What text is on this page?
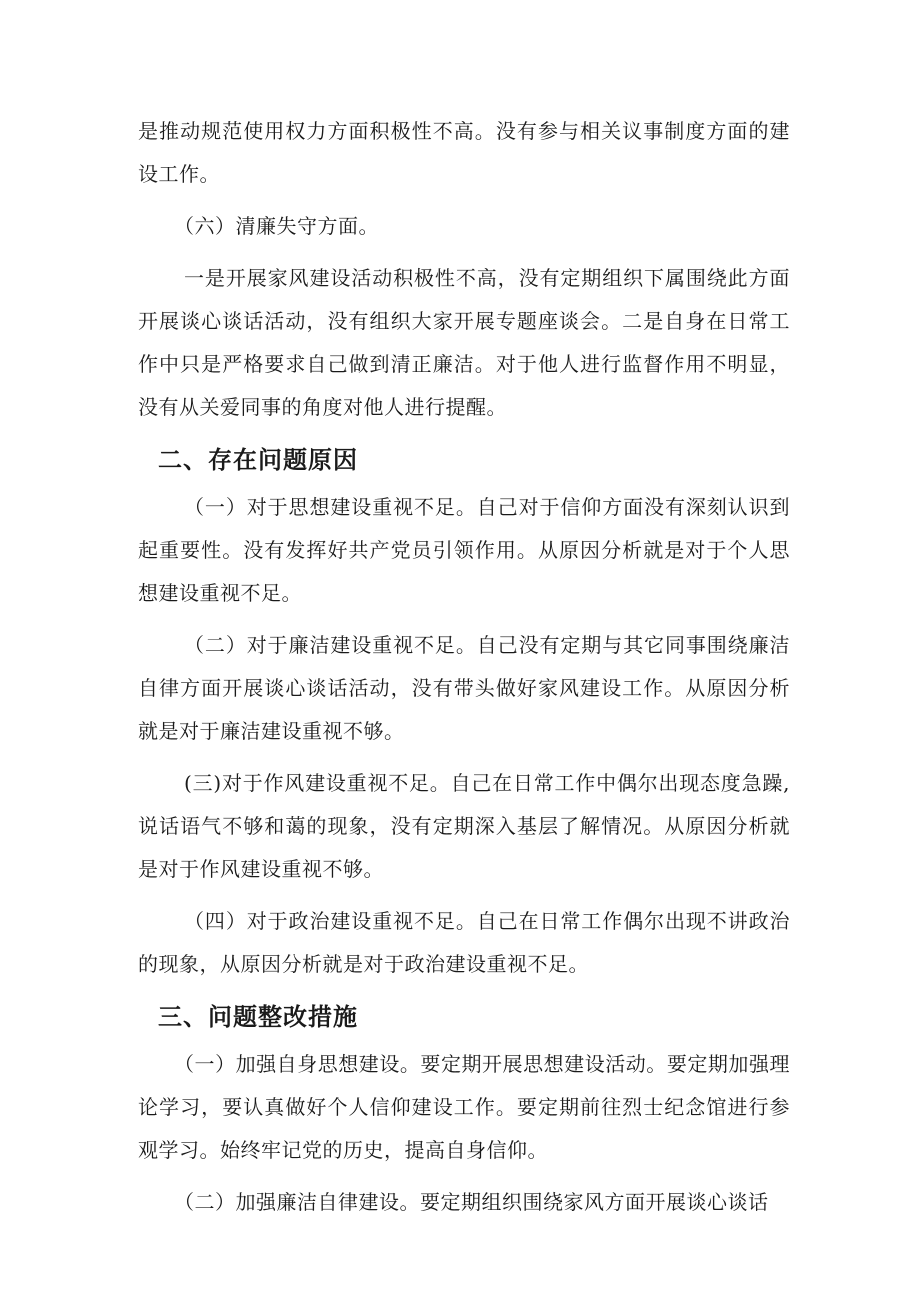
是推动规范使用权力方面积极性不高。没有参与相关议事制度方面的建设工作。

（六）清廉失守方面。

一是开展家风建设活动积极性不高，没有定期组织下属围绕此方面开展谈心谈话活动，没有组织大家开展专题座谈会。二是自身在日常工作中只是严格要求自己做到清正廉洁。对于他人进行监督作用不明显，没有从关爱同事的角度对他人进行提醒。

二、存在问题原因

（一）对于思想建设重视不足。自己对于信仰方面没有深刻认识到起重要性。没有发挥好共产党员引领作用。从原因分析就是对于个人思想建设重视不足。

（二）对于廉洁建设重视不足。自己没有定期与其它同事围绕廉洁自律方面开展谈心谈话活动，没有带头做好家风建设工作。从原因分析就是对于廉洁建设重视不够。

(三)对于作风建设重视不足。自己在日常工作中偶尔出现态度急躁,说话语气不够和蔼的现象，没有定期深入基层了解情况。从原因分析就是对于作风建设重视不够。

（四）对于政治建设重视不足。自己在日常工作偶尔出现不讲政治的现象，从原因分析就是对于政治建设重视不足。

三、问题整改措施

（一）加强自身思想建设。要定期开展思想建设活动。要定期加强理论学习，要认真做好个人信仰建设工作。要定期前往烈士纪念馆进行参观学习。始终牢记党的历史，提高自身信仰。

（二）加强廉洁自律建设。要定期组织围绕家风方面开展谈心谈话
